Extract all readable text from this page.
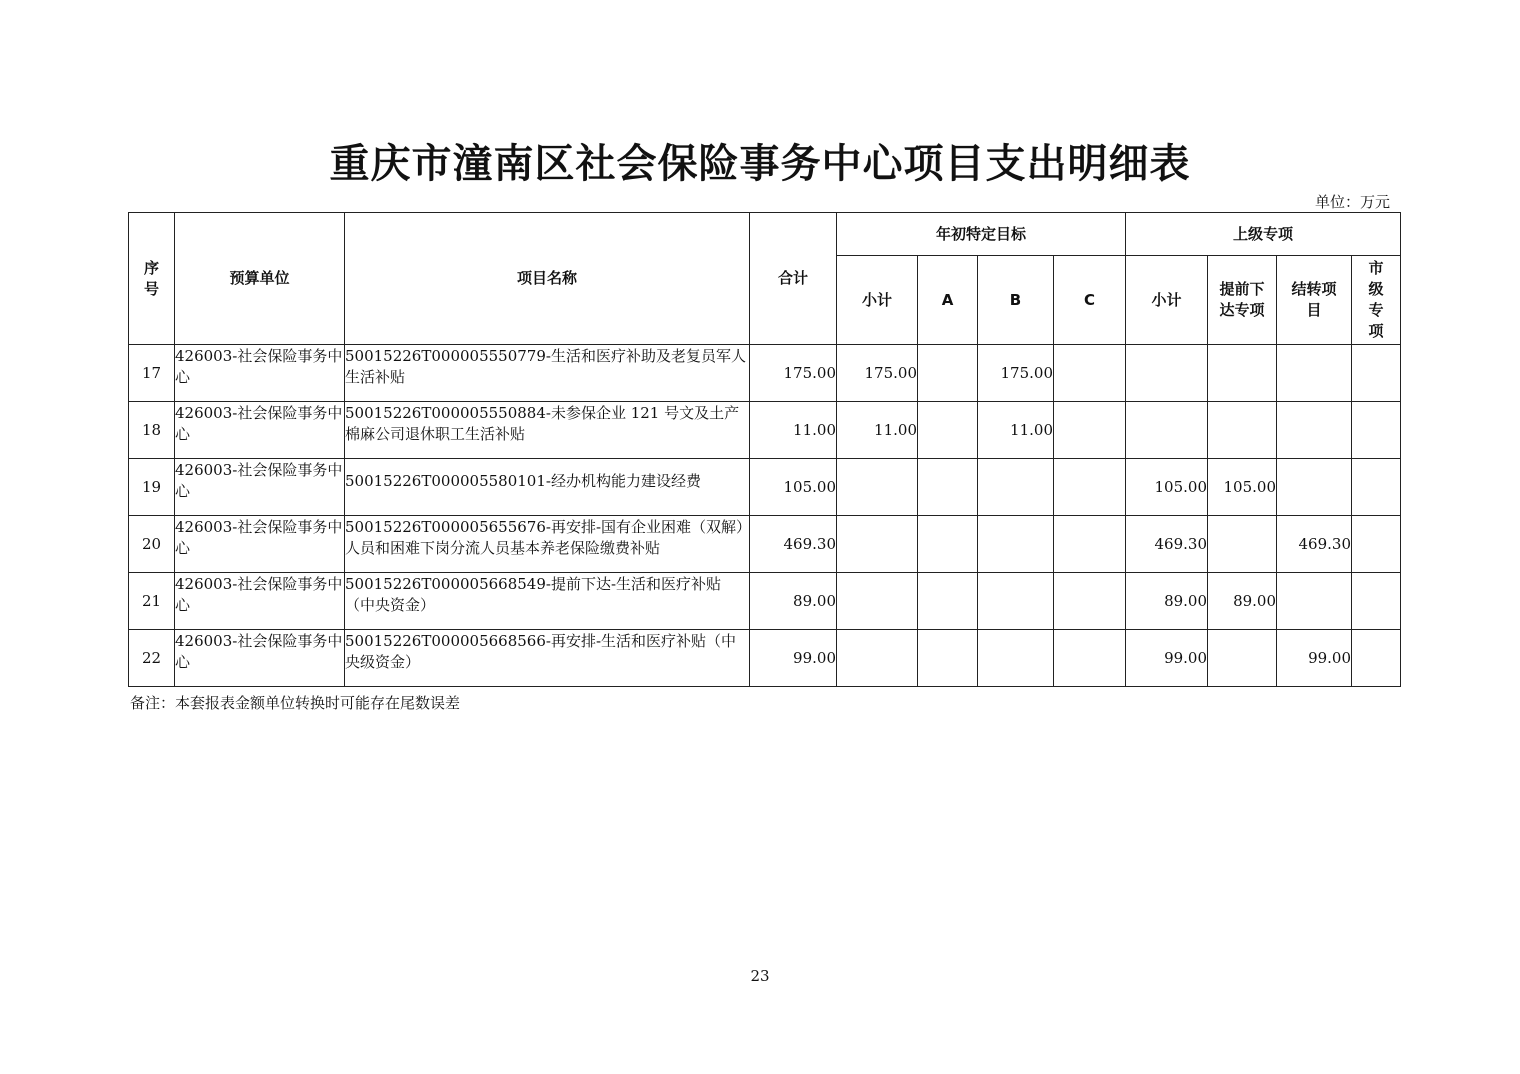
重庆市潼南区社会保险事务中心项目支出明细表
单位：万元
序号	预算单位	项目名称	合计	年初特定目标				上级专项			
				小计	A	B	C	小计	提前下达专项	结转项目	市级专项

17	426003-社会保险事务中心	50015226T000005550779-生活和医疗补助及老复员军人生活补贴	175.00	175.00		175.00					
18	426003-社会保险事务中心	50015226T000005550884-未参保企业 121 号文及土产棉麻公司退休职工生活补贴	11.00	11.00		11.00					
19	426003-社会保险事务中心	50015226T000005580101-经办机构能力建设经费	105.00					105.00	105.00		
20	426003-社会保险事务中心	50015226T000005655676-再安排-国有企业困难（双解）人员和困难下岗分流人员基本养老保险缴费补贴	469.30					469.30		469.30	
21	426003-社会保险事务中心	50015226T000005668549-提前下达-生活和医疗补贴（中央资金）	89.00					89.00	89.00		
22	426003-社会保险事务中心	50015226T000005668566-再安排-生活和医疗补贴（中央级资金）	99.00					99.00		99.00	
备注：本套报表金额单位转换时可能存在尾数误差
23
